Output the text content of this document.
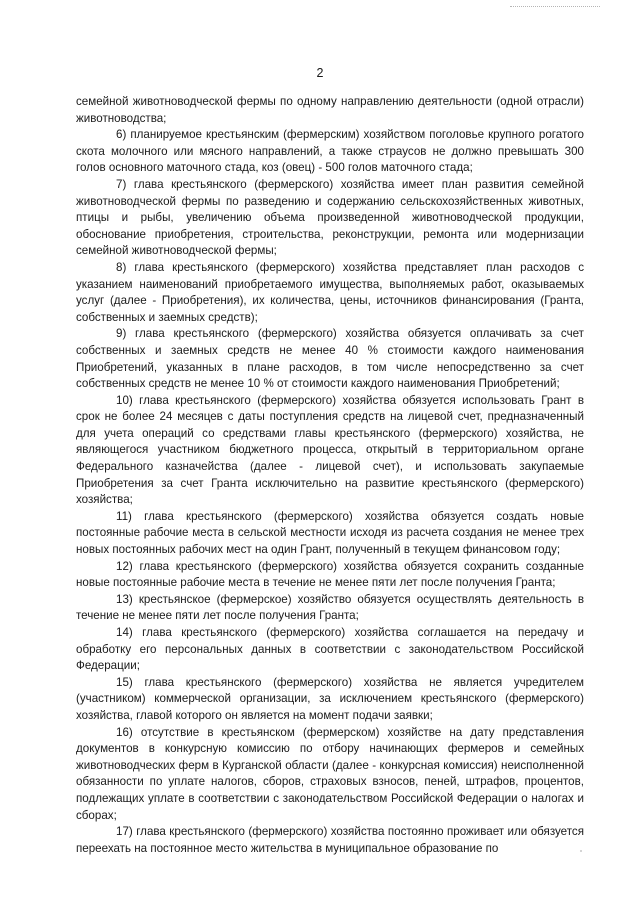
2

семейной животноводческой фермы по одному направлению деятельности (одной отрасли) животноводства;

6) планируемое крестьянским (фермерским) хозяйством поголовье крупного рогатого скота молочного или мясного направлений, а также страусов не должно превышать 300 голов основного маточного стада, коз (овец) - 500 голов маточного стада;

7) глава крестьянского (фермерского) хозяйства имеет план развития семейной животноводческой фермы по разведению и содержанию сельскохозяйственных животных, птицы и рыбы, увеличению объема произведенной животноводческой продукции, обоснование приобретения, строительства, реконструкции, ремонта или модернизации семейной животноводческой фермы;

8) глава крестьянского (фермерского) хозяйства представляет план расходов с указанием наименований приобретаемого имущества, выполняемых работ, оказываемых услуг (далее - Приобретения), их количества, цены, источников финансирования (Гранта, собственных и заемных средств);

9) глава крестьянского (фермерского) хозяйства обязуется оплачивать за счет собственных и заемных средств не менее 40 % стоимости каждого наименования Приобретений, указанных в плане расходов, в том числе непосредственно за счет собственных средств не менее 10 % от стоимости каждого наименования Приобретений;

10) глава крестьянского (фермерского) хозяйства обязуется использовать Грант в срок не более 24 месяцев с даты поступления средств на лицевой счет, предназначенный для учета операций со средствами главы крестьянского (фермерского) хозяйства, не являющегося участником бюджетного процесса, открытый в территориальном органе Федерального казначейства (далее - лицевой счет), и использовать закупаемые Приобретения за счет Гранта исключительно на развитие крестьянского (фермерского) хозяйства;

11) глава крестьянского (фермерского) хозяйства обязуется создать новые постоянные рабочие места в сельской местности исходя из расчета создания не менее трех новых постоянных рабочих мест на один Грант, полученный в текущем финансовом году;

12) глава крестьянского (фермерского) хозяйства обязуется сохранить созданные новые постоянные рабочие места в течение не менее пяти лет после получения Гранта;

13) крестьянское (фермерское) хозяйство обязуется осуществлять деятельность в течение не менее пяти лет после получения Гранта;

14) глава крестьянского (фермерского) хозяйства соглашается на передачу и обработку его персональных данных в соответствии с законодательством Российской Федерации;

15) глава крестьянского (фермерского) хозяйства не является учредителем (участником) коммерческой организации, за исключением крестьянского (фермерского) хозяйства, главой которого он является на момент подачи заявки;

16) отсутствие в крестьянском (фермерском) хозяйстве на дату представления документов в конкурсную комиссию по отбору начинающих фермеров и семейных животноводческих ферм в Курганской области (далее - конкурсная комиссия) неисполненной обязанности по уплате налогов, сборов, страховых взносов, пеней, штрафов, процентов, подлежащих уплате в соответствии с законодательством Российской Федерации о налогах и сборах;

17) глава крестьянского (фермерского) хозяйства постоянно проживает или обязуется переехать на постоянное место жительства в муниципальное образование по
